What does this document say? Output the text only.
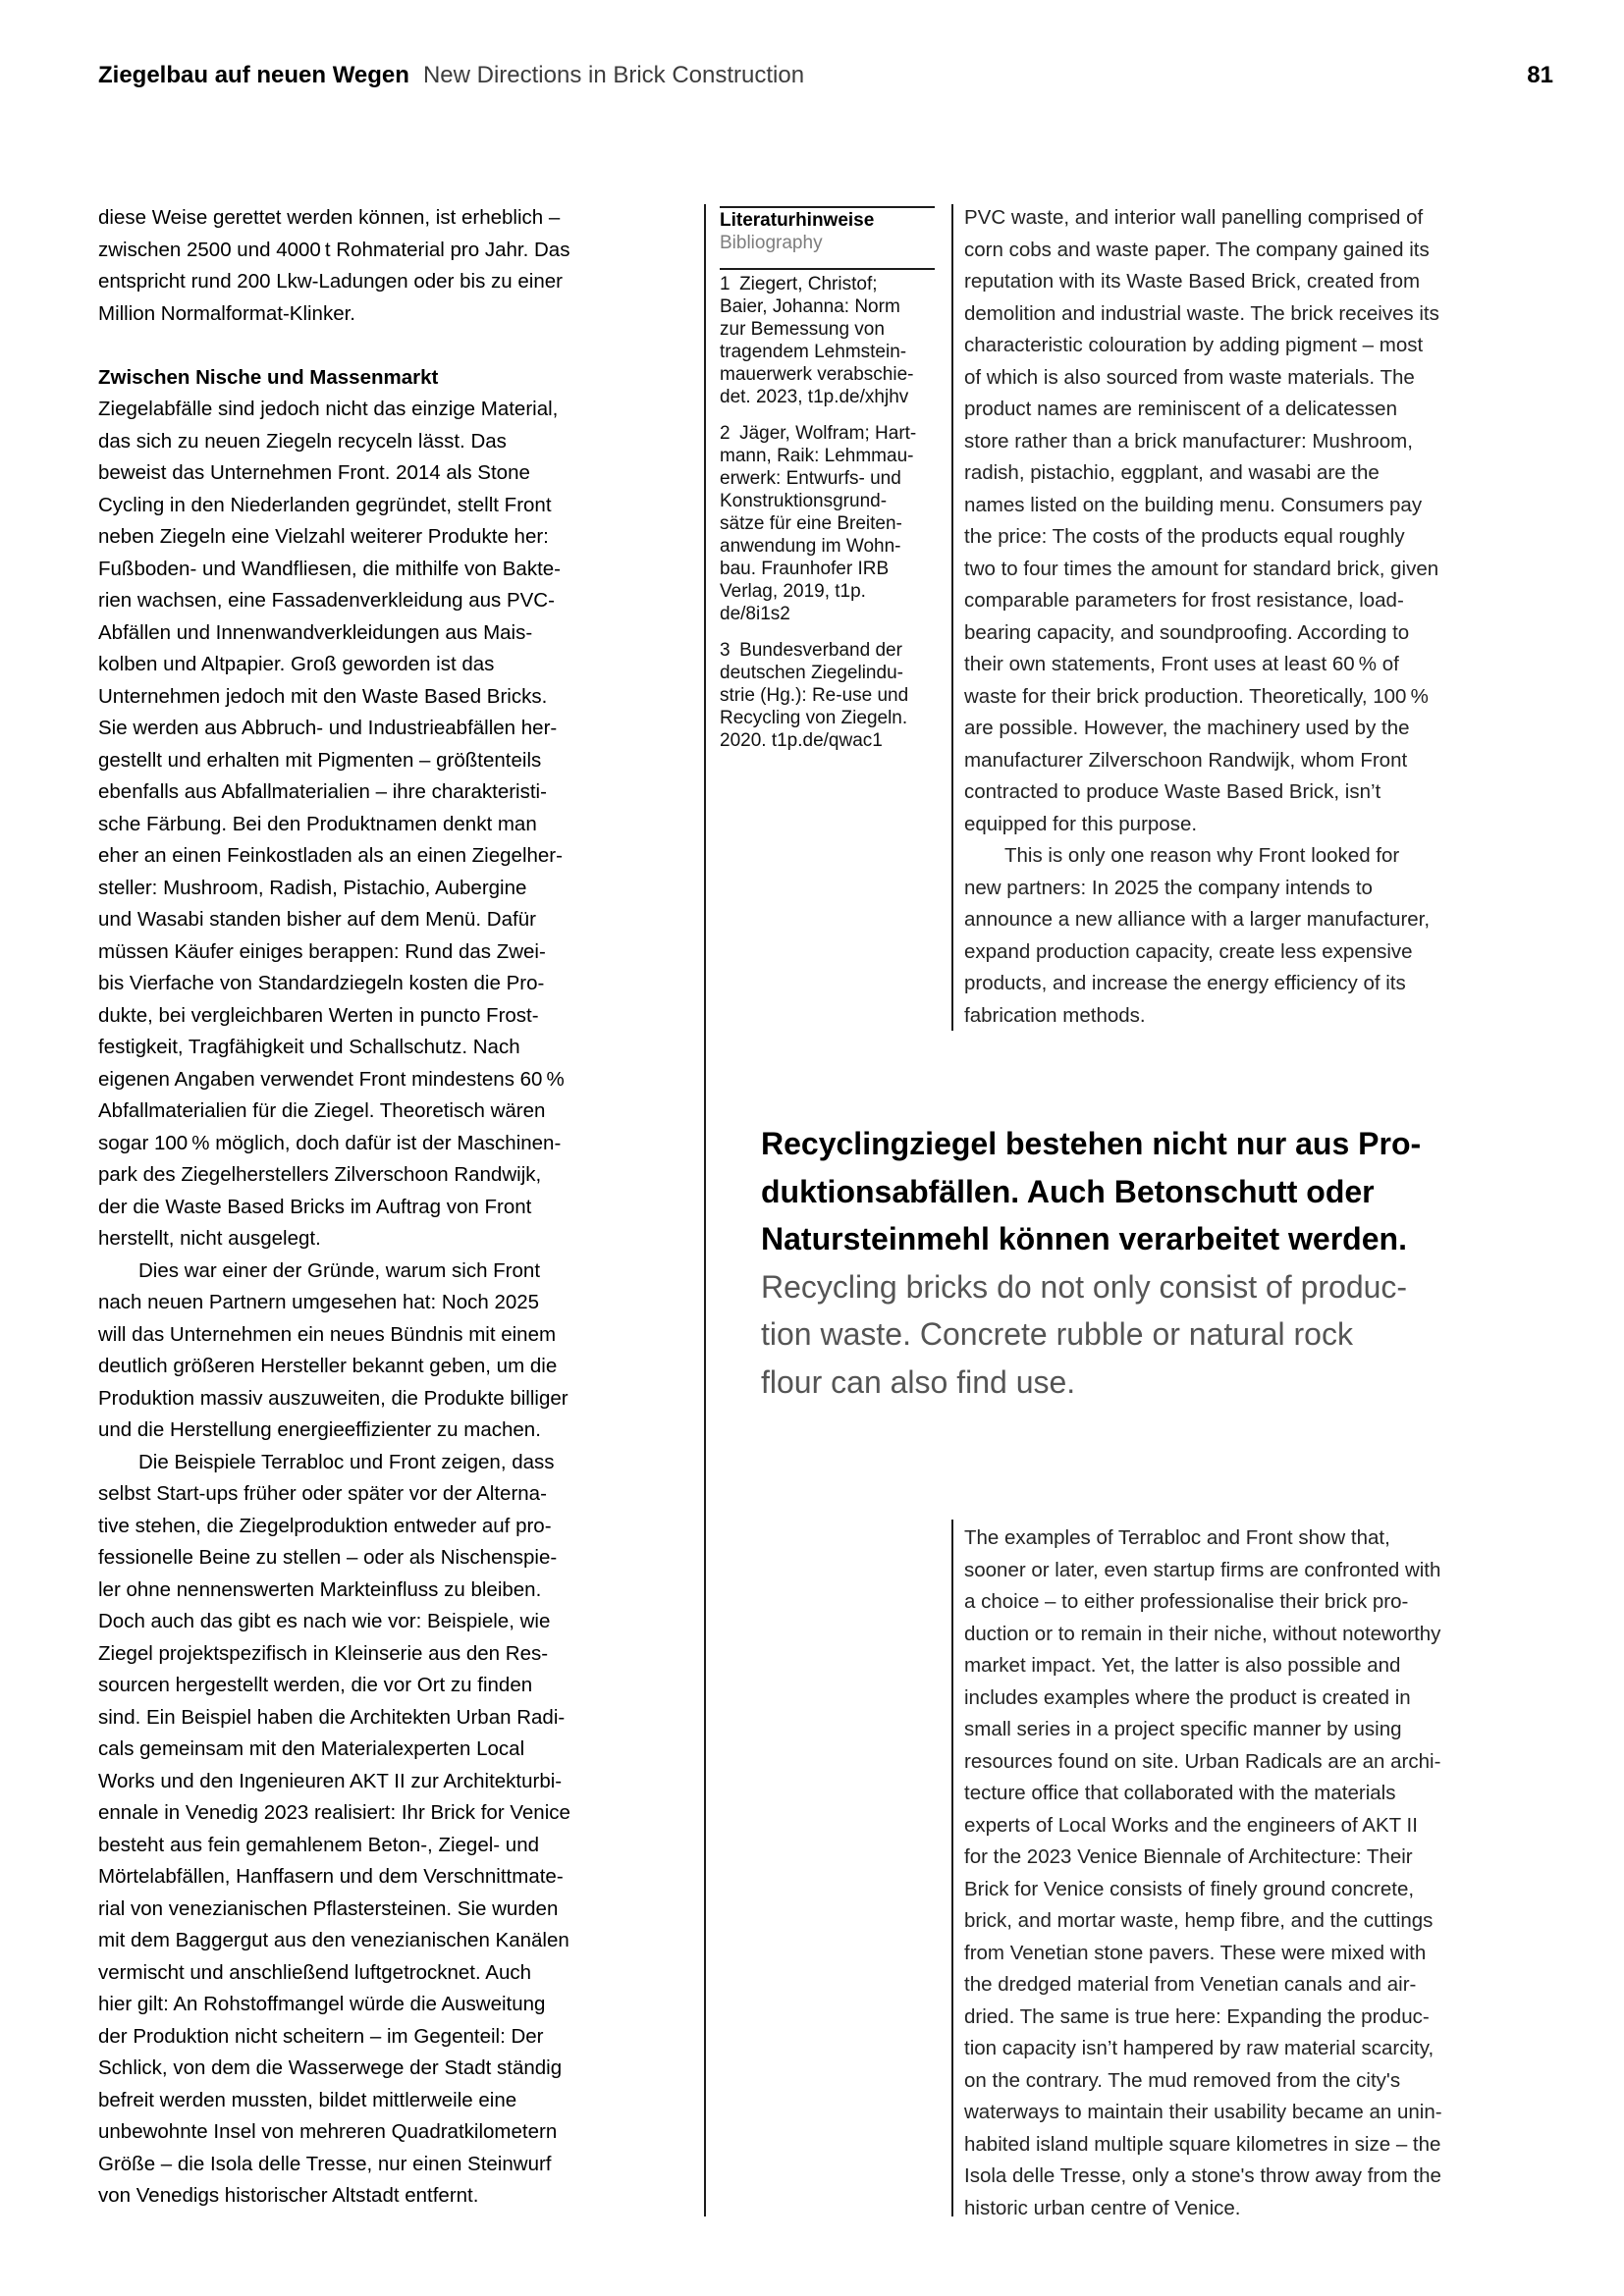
Ziegelbau auf neuen Wegen New Directions in Brick Construction	81
diese Weise gerettet werden können, ist erheblich –
zwischen 2500 und 4000 t Rohmaterial pro Jahr. Das
entspricht rund 200 Lkw-Ladungen oder bis zu einer
Million Normalformat-Klinker.
Zwischen Nische und Massenmarkt
Ziegelabfälle sind jedoch nicht das einzige Material,
das sich zu neuen Ziegeln recyceln lässt. Das
beweist das Unternehmen Front. 2014 als Stone
Cycling in den Niederlanden gegründet, stellt Front
neben Ziegeln eine Vielzahl weiterer Produkte her:
Fußboden- und Wandfliesen, die mithilfe von Bakte-
rien wachsen, eine Fassadenverkleidung aus PVC-
Abfällen und Innenwandverkleidungen aus Mais-
kolben und Altpapier. Groß geworden ist das
Unternehmen jedoch mit den Waste Based Bricks.
Sie werden aus Abbruch- und Industrieabfällen her-
gestellt und erhalten mit Pigmenten – größtenteils
ebenfalls aus Abfallmaterialien – ihre charakteristi-
sche Färbung. Bei den Produktnamen denkt man
eher an einen Feinkostladen als an einen Ziegelher-
steller: Mushroom, Radish, Pistachio, Aubergine
und Wasabi standen bisher auf dem Menü. Dafür
müssen Käufer einiges berappen: Rund das Zwei-
bis Vierfache von Standardziegeln kosten die Pro-
dukte, bei vergleichbaren Werten in puncto Frost-
festigkeit, Tragfähigkeit und Schallschutz. Nach
eigenen Angaben verwendet Front mindestens 60 %
Abfallmaterialien für die Ziegel. Theoretisch wären
sogar 100 % möglich, doch dafür ist der Maschinen-
park des Ziegelherstellers Zilverschoon Randwijk,
der die Waste Based Bricks im Auftrag von Front
herstellt, nicht ausgelegt.
  Dies war einer der Gründe, warum sich Front
nach neuen Partnern umgesehen hat: Noch 2025
will das Unternehmen ein neues Bündnis mit einem
deutlich größeren Hersteller bekannt geben, um die
Produktion massiv auszuweiten, die Produkte billiger
und die Herstellung energieeffizienter zu machen.
  Die Beispiele Terrabloc und Front zeigen, dass
selbst Start-ups früher oder später vor der Alterna-
tive stehen, die Ziegelproduktion entweder auf pro-
fessionelle Beine zu stellen – oder als Nischenspie-
ler ohne nennenswerten Markteinfluss zu bleiben.
Doch auch das gibt es nach wie vor: Beispiele, wie
Ziegel projektspezifisch in Kleinserie aus den Res-
sourcen hergestellt werden, die vor Ort zu finden
sind. Ein Beispiel haben die Architekten Urban Radi-
cals gemeinsam mit den Materialexperten Local
Works und den Ingenieuren AKT II zur Architekturbi-
ennale in Venedig 2023 realisiert: Ihr Brick for Venice
besteht aus fein gemahlenem Beton-, Ziegel- und
Mörtelabfällen, Hanffasern und dem Verschnittmate-
rial von venezianischen Pflastersteinen. Sie wurden
mit dem Baggergut aus den venezianischen Kanälen
vermischt und anschließend luftgetrocknet. Auch
hier gilt: An Rohstoffmangel würde die Ausweitung
der Produktion nicht scheitern – im Gegenteil: Der
Schlick, von dem die Wasserwege der Stadt ständig
befreit werden mussten, bildet mittlerweile eine
unbewohnte Insel von mehreren Quadratkilometern
Größe – die Isola delle Tresse, nur einen Steinwurf
von Venedigs historischer Altstadt entfernt.
Literaturhinweise
Bibliography
1 Ziegert, Christof;
Baier, Johanna: Norm
zur Bemessung von
tragendem Lehmstein-
mauerwerk verabschie-
det. 2023, t1p.de/xhjhv
2 Jäger, Wolfram; Hart-
mann, Raik: Lehmmau-
erwerk: Entwurfs- und
Konstruktionsgrund-
sätze für eine Breiten-
anwendung im Wohn-
bau. Fraunhofer IRB
Verlag, 2019, t1p.
de/8i1s2
3 Bundesverband der
deutschen Ziegelindu-
strie (Hg.): Re-use und
Recycling von Ziegeln.
2020. t1p.de/qwac1
PVC waste, and interior wall panelling comprised of
corn cobs and waste paper. The company gained its
reputation with its Waste Based Brick, created from
demolition and industrial waste. The brick receives its
characteristic colouration by adding pigment – most
of which is also sourced from waste materials. The
product names are reminiscent of a delicatessen
store rather than a brick manufacturer: Mushroom,
radish, pistachio, eggplant, and wasabi are the
names listed on the building menu. Consumers pay
the price: The costs of the products equal roughly
two to four times the amount for standard brick, given
comparable parameters for frost resistance, load-
bearing capacity, and soundproofing. According to
their own statements, Front uses at least 60 % of
waste for their brick production. Theoretically, 100 %
are possible. However, the machinery used by the
manufacturer Zilverschoon Randwijk, whom Front
contracted to produce Waste Based Brick, isn’t
equipped for this purpose.
  This is only one reason why Front looked for
new partners: In 2025 the company intends to
announce a new alliance with a larger manufacturer,
expand production capacity, create less expensive
products, and increase the energy efficiency of its
fabrication methods.
Recyclingziegel bestehen nicht nur aus Pro-
duktionsabfällen. Auch Betonschutt oder
Natursteinmehl können verarbeitet werden.
Recycling bricks do not only consist of produc-
tion waste. Concrete rubble or natural rock
flour can also find use.
The examples of Terrabloc and Front show that,
sooner or later, even startup firms are confronted with
a choice – to either professionalise their brick pro-
duction or to remain in their niche, without noteworthy
market impact. Yet, the latter is also possible and
includes examples where the product is created in
small series in a project specific manner by using
resources found on site. Urban Radicals are an archi-
tecture office that collaborated with the materials
experts of Local Works and the engineers of AKT II
for the 2023 Venice Biennale of Architecture: Their
Brick for Venice consists of finely ground concrete,
brick, and mortar waste, hemp fibre, and the cuttings
from Venetian stone pavers. These were mixed with
the dredged material from Venetian canals and air-
dried. The same is true here: Expanding the produc-
tion capacity isn’t hampered by raw material scarcity,
on the contrary. The mud removed from the city's
waterways to maintain their usability became an unin-
habited island multiple square kilometres in size – the
Isola delle Tresse, only a stone's throw away from the
historic urban centre of Venice.
